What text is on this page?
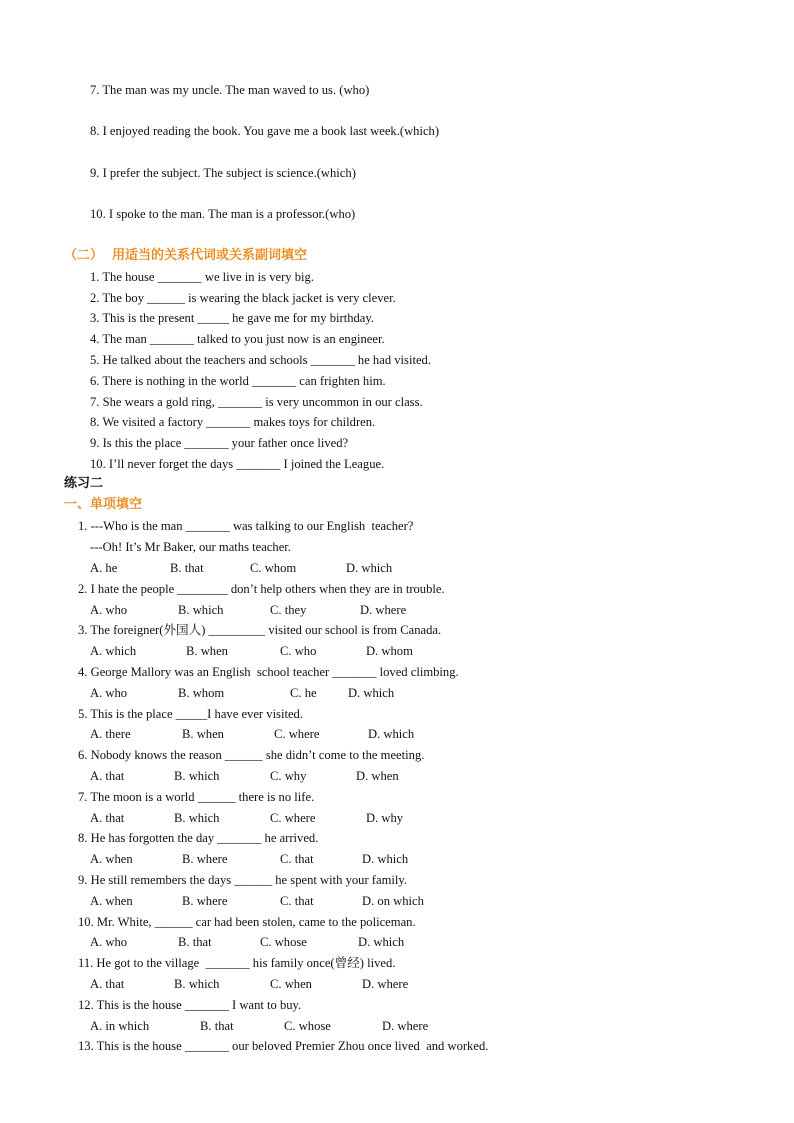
7. The man was my uncle. The man waved to us. (who)
8. I enjoyed reading the book. You gave me a book last week.(which)
9. I prefer the subject. The subject is science.(which)
10. I spoke to the man. The man is a professor.(who)
（二）  用适当的关系代词或关系副词填空
1. The house _______ we live in is very big.
2. The boy ______ is wearing the black jacket is very clever.
3. This is the present _____ he gave me for my birthday.
4. The man _______ talked to you just now is an engineer.
5. He talked about the teachers and schools _______ he had visited.
6. There is nothing in the world _______ can frighten him.
7. She wears a gold ring, _______ is very uncommon in our class.
8. We visited a factory _______ makes toys for children.
9. Is this the place _______ your father once lived?
10. I’ll never forget the days _______ I joined the League.
练习二
一、单项填空
1. ---Who is the man _______ was talking to our English  teacher?
---Oh! It’s Mr Baker, our maths teacher.
A. he	B. that	C. whom	D. which
2. I hate the people ________ don’t help others when they are in trouble.
A. who	B. which	C. they	D. where
3. The foreigner(外国人) _________ visited our school is from Canada.
A. which	B. when	C. who	D. whom
4. George Mallory was an English  school teacher _______ loved climbing.
A. who	B. whom	C. he D. which
5. This is the place _____I have ever visited.
A. there	B. when	C. where	D. which
6. Nobody knows the reason ______ she didn’t come to the meeting.
A. that	B. which	C. why	D. when
7. The moon is a world ______ there is no life.
A. that	B. which	C. where	D. why
8. He has forgotten the day _______ he arrived.
A. when	B. where	C. that	D. which
9. He still remembers the days ______ he spent with your family.
A. when	B. where	C. that	D. on which
10. Mr. White, ______ car had been stolen, came to the policeman.
A. who	B. that	C. whose	D. which
11. He got to the village  _______ his family once(曾经) lived.
A. that	B. which	C. when	D. where
12. This is the house _______ I want to buy.
A. in which	B. that	C. whose	D. where
13. This is the house _______ our beloved Premier Zhou once lived  and worked.
